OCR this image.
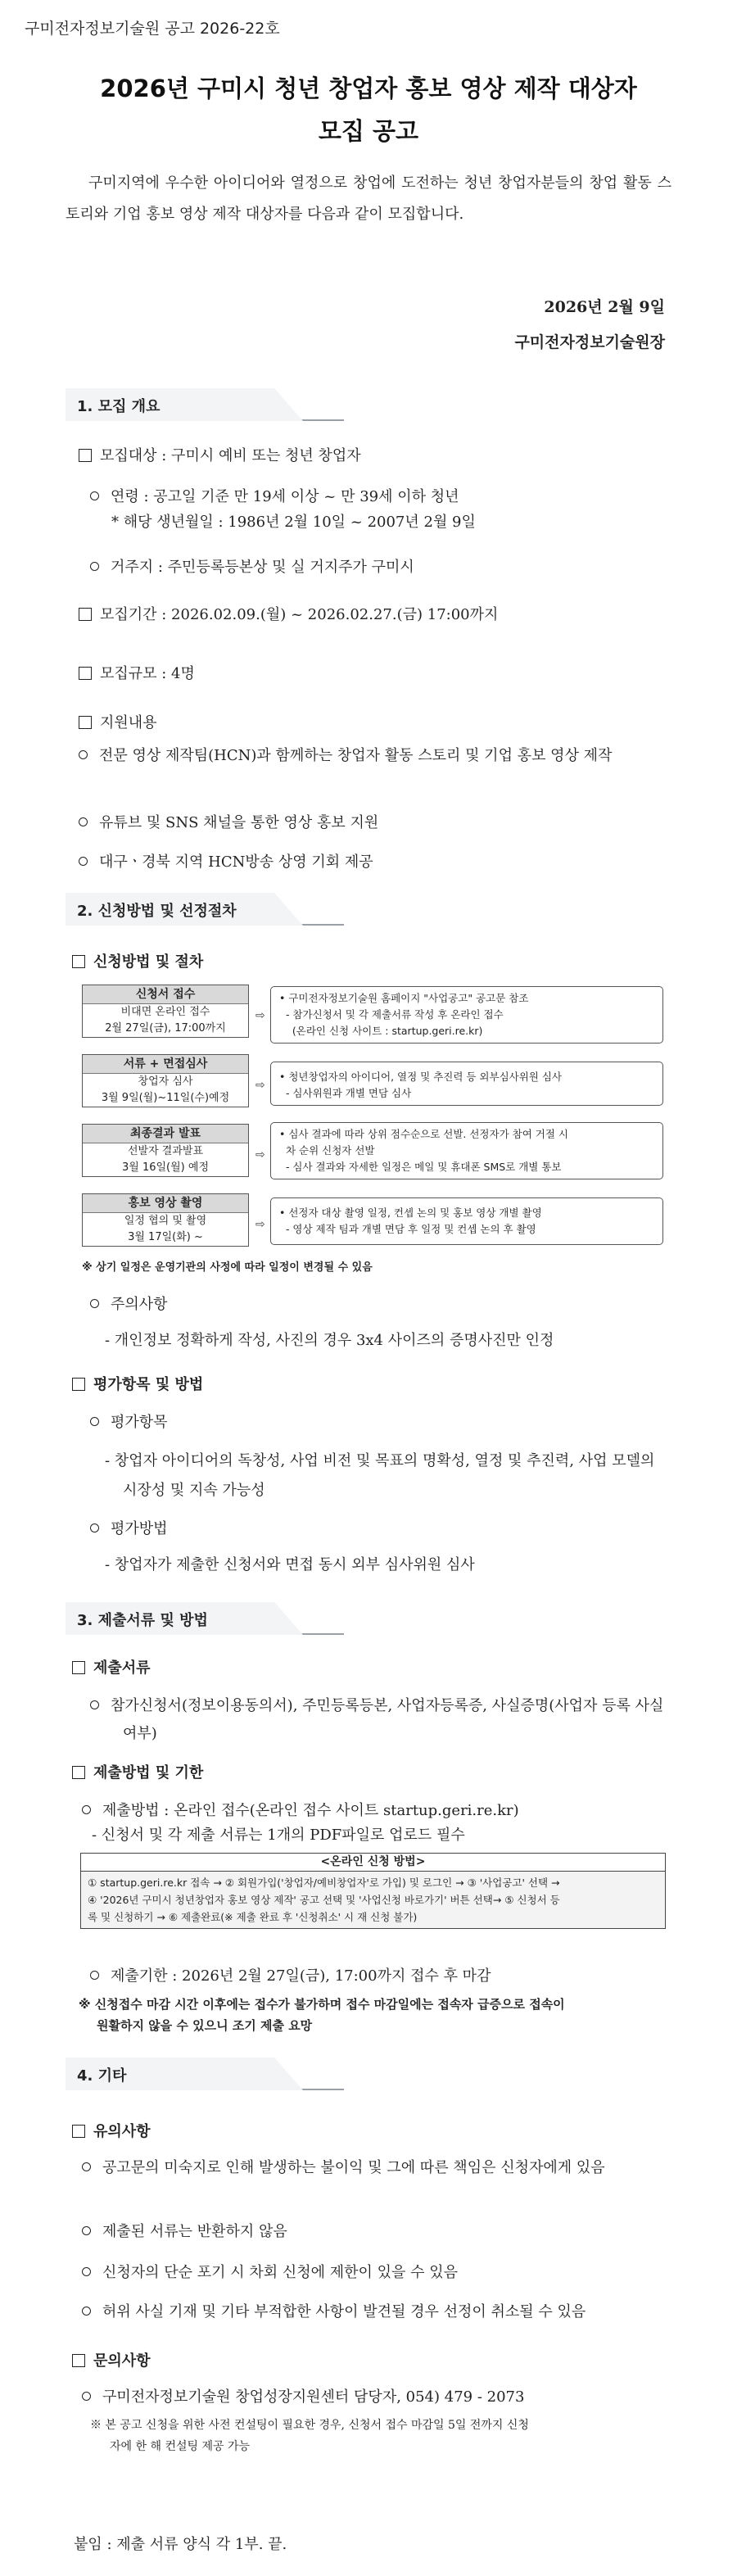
구미전자정보기술원 공고 2026-22호
2026년 구미시 청년 창업자 홍보 영상 제작 대상자
모집 공고
구미지역에 우수한 아이디어와 열정으로 창업에 도전하는 청년 창업자분들의 창업 활동 스토리와 기업 홍보 영상 제작 대상자를 다음과 같이 모집합니다.
2026년 2월 9일
구미전자정보기술원장
1. 모집 개요
모집대상 : 구미시 예비 또는 청년 창업자
연령 : 공고일 기준 만 19세 이상 ~ 만 39세 이하 청년
* 해당 생년월일 : 1986년 2월 10일 ~ 2007년 2월 9일
거주지 : 주민등록등본상 및 실 거지주가 구미시
모집기간 : 2026.02.09.(월) ~ 2026.02.27.(금) 17:00까지
모집규모 : 4명
지원내용
전문 영상 제작팀(HCN)과 함께하는 창업자 활동 스토리 및 기업 홍보 영상 제작
유튜브 및 SNS 채널을 통한 영상 홍보 지원
대구ㆍ경북 지역 HCN방송 상영 기회 제공
2. 신청방법 및 선정절차
신청방법 및 절차
신청서 접수
비대면 온라인 접수
2월 27일(금), 17:00까지
⇨
• 구미전자정보기술원 홈페이지 "사업공고" 공고문 참조
- 참가신청서 및 각 제출서류 작성 후 온라인 접수
(온라인 신청 사이트 : startup.geri.re.kr)
서류 + 면접심사
창업자 심사
3월 9일(월)~11일(수)예정
⇨
• 청년창업자의 아이디어, 열정 및 추진력 등 외부심사위원 심사
- 심사위원과 개별 면담 심사
최종결과 발표
선발자 결과발표
3월 16일(월) 예정
⇨
• 심사 결과에 따라 상위 점수순으로 선발. 선정자가 참여 거절 시
차 순위 신청자 선발
- 심사 결과와 자세한 일정은 메일 및 휴대폰 SMS로 개별 통보
홍보 영상 촬영
일정 협의 및 촬영
3월 17일(화) ~
⇨
• 선정자 대상 촬영 일정, 컨셉 논의 및 홍보 영상 개별 촬영
- 영상 제작 팀과 개별 면담 후 일정 및 컨셉 논의 후 촬영
※ 상기 일정은 운영기관의 사정에 따라 일정이 변경될 수 있음
주의사항
- 개인정보 정확하게 작성, 사진의 경우 3x4 사이즈의 증명사진만 인정
평가항목 및 방법
평가항목
- 창업자 아이디어의 독창성, 사업 비전 및 목표의 명확성, 열정 및 추진력, 사업 모델의 시장성 및 지속 가능성
평가방법
- 창업자가 제출한 신청서와 면접 동시 외부 심사위원 심사
3. 제출서류 및 방법
제출서류
참가신청서(정보이용동의서), 주민등록등본, 사업자등록증, 사실증명(사업자 등록 사실여부)
제출방법 및 기한
제출방법 : 온라인 접수(온라인 접수 사이트 startup.geri.re.kr)
- 신청서 및 각 제출 서류는 1개의 PDF파일로 업로드 필수
<온라인 신청 방법>
① startup.geri.re.kr 접속 → ② 회원가입('창업자/예비창업자'로 가입) 및 로그인 → ③ '사업공고' 선택 →
④ '2026년 구미시 청년창업자 홍보 영상 제작' 공고 선택 및 '사업신청 바로가기' 버튼 선택→ ⑤ 신청서 등
록 및 신청하기 → ⑥ 제출완료(※ 제출 완료 후 '신청취소' 시 재 신청 불가)
제출기한 : 2026년 2월 27일(금), 17:00까지 접수 후 마감
※ 신청접수 마감 시간 이후에는 접수가 불가하며 접수 마감일에는 접속자 급증으로 접속이
원활하지 않을 수 있으니 조기 제출 요망
4. 기타
유의사항
공고문의 미숙지로 인해 발생하는 불이익 및 그에 따른 책임은 신청자에게 있음
제출된 서류는 반환하지 않음
신청자의 단순 포기 시 차회 신청에 제한이 있을 수 있음
허위 사실 기재 및 기타 부적합한 사항이 발견될 경우 선정이 취소될 수 있음
문의사항
구미전자정보기술원 창업성장지원센터 담당자, 054) 479 - 2073
※ 본 공고 신청을 위한 사전 컨설팅이 필요한 경우, 신청서 접수 마감일 5일 전까지 신청
자에 한 해 컨설팅 제공 가능
붙임 : 제출 서류 양식 각 1부. 끝.
